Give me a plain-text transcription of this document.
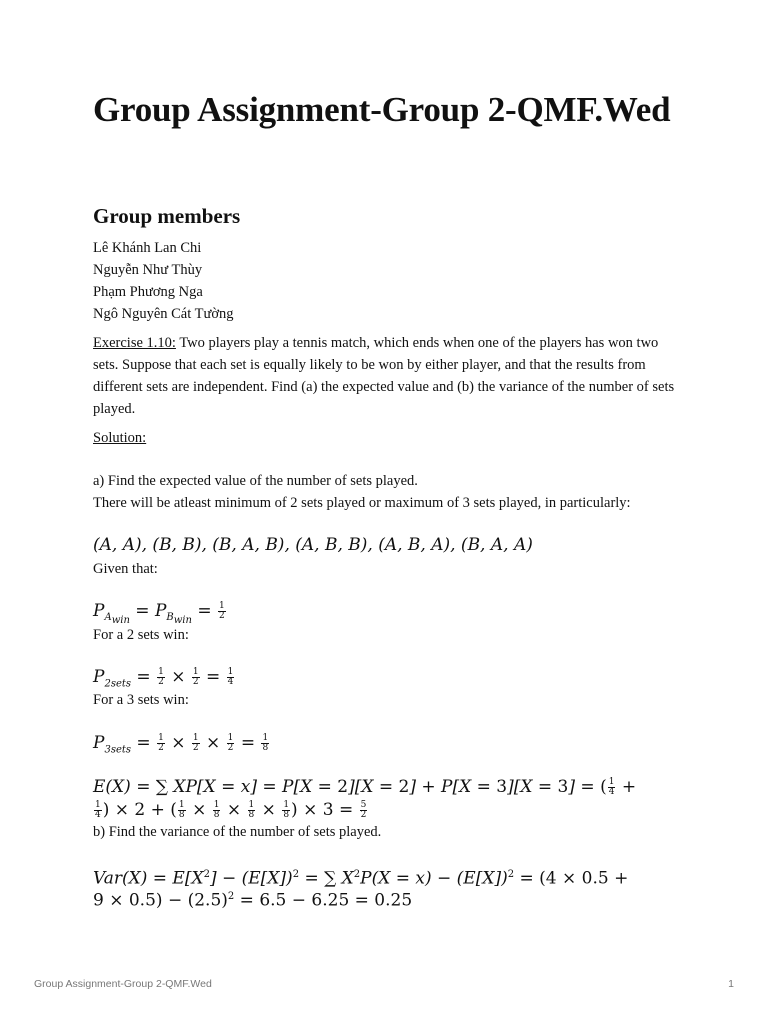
Group Assignment-Group 2-QMF.Wed
Group members
Lê Khánh Lan Chi
Nguyễn Như Thùy
Phạm Phương Nga
Ngô Nguyên Cát Tường
Exercise 1.10: Two players play a tennis match, which ends when one of the players has won two sets. Suppose that each set is equally likely to be won by either player, and that the results from different sets are independent. Find (a) the expected value and (b) the variance of the number of sets played.
Solution:
a) Find the expected value of the number of sets played.
There will be atleast minimum of 2 sets played or maximum of 3 sets played, in particularly:
(A, A), (B, B), (B, A, B), (A, B, B), (A, B, A), (B, A, A)
Given that:
$P_{A_{win}} = P_{B_{win}} = \frac{1}{2}$
For a 2 sets win:
$P_{2sets} = \frac{1}{2} \times \frac{1}{2} = \frac{1}{4}$
For a 3 sets win:
$P_{3sets} = \frac{1}{2} \times \frac{1}{2} \times \frac{1}{2} = \frac{1}{8}$
E(X) = ∑ XP[X = x] = P[X = 2][X = 2] + P[X = 3][X = 3] = ( $\frac{1}{4}$ +
$\frac{1}{4}$ ) × 2 + ( $\frac{1}{8} \times \frac{1}{8} \times \frac{1}{8} \times \frac{1}{8}$ ) × $3 = \frac{5}{2}$
b) Find the variance of the number of sets played.
$Var(X) = E[X^2] - (E[X])^2$ = ∑ $X^2P(X = x) - (E[X])^2 = (4 \times 0.5$ +
$9 \times 0.5) - (2.5)^2 = 6.5 - 6.25 = 0.25$
Group Assignment-Group 2-QMF.Wed	1
